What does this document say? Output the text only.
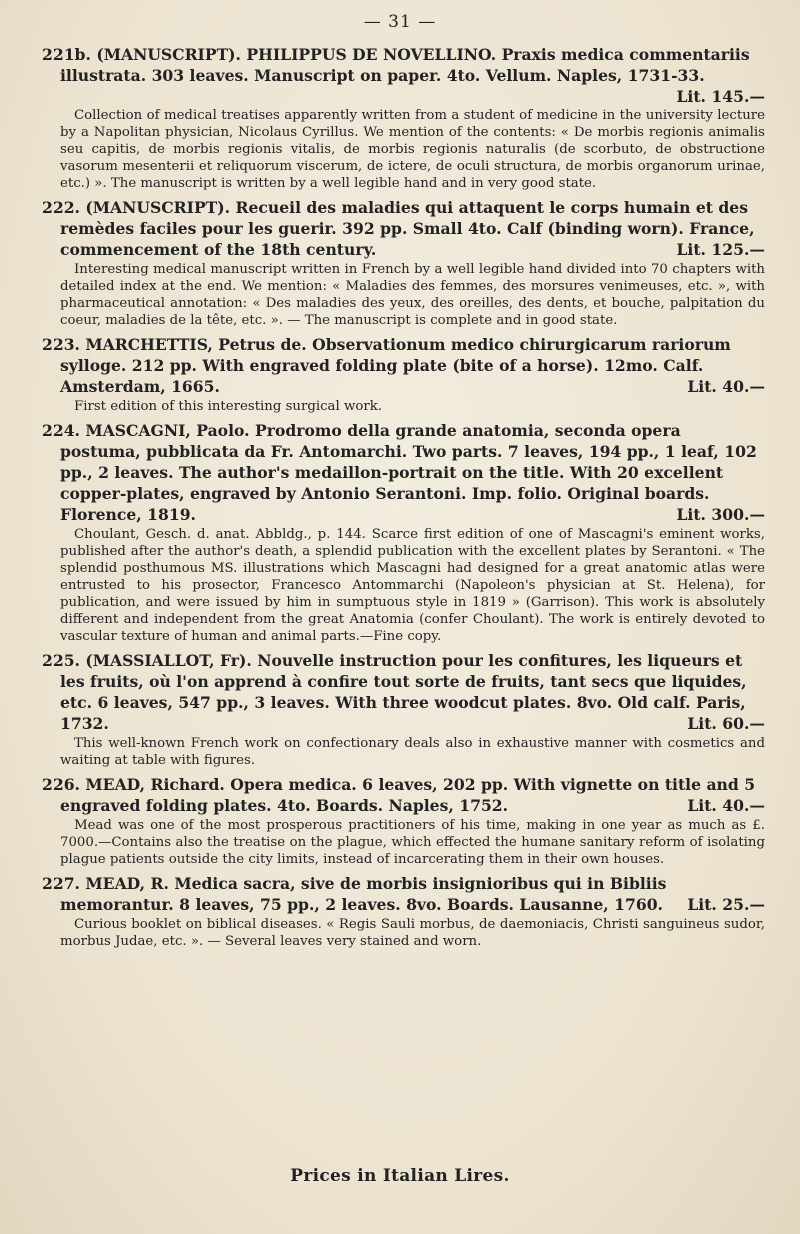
— 31 —

221b. (MANUSCRIPT). PHILIPPUS DE NOVELLINO. Praxis medica commentariis illustrata. 303 leaves. Manuscript on paper. 4to. Vellum. Naples, 1731-33.
Lit. 145.—

Collection of medical treatises apparently written from a student of medicine in the university lecture by a Napolitan physician, Nicolaus Cyrillus. We mention of the contents: « De morbis regionis animalis seu capitis, de morbis regionis vitalis, de morbis regionis naturalis (de scorbuto, de obstructione vasorum mesenterii et reliquorum viscerum, de ictere, de oculi structura, de morbis organorum urinae, etc.) ». The manuscript is written by a well legible hand and in very good state.

222. (MANUSCRIPT). Recueil des maladies qui attaquent le corps humain et des remèdes faciles pour les guerir. 392 pp. Small 4to. Calf (binding worn). France, commencement of the 18th century.	Lit. 125.—

Interesting medical manuscript written in French by a well legible hand divided into 70 chapters with detailed index at the end. We mention: « Maladies des femmes, des morsures venimeuses, etc. », with pharmaceutical annotation: « Des maladies des yeux, des oreilles, des dents, et bouche, palpitation du coeur, maladies de la tête, etc. ». — The manuscript is complete and in good state.

223. MARCHETTIS, Petrus de. Observationum medico chirurgicarum rariorum sylloge. 212 pp. With engraved folding plate (bite of a horse). 12mo. Calf. Amsterdam, 1665.	Lit. 40.—

First edition of this interesting surgical work.

224. MASCAGNI, Paolo. Prodromo della grande anatomia, seconda opera postuma, pubblicata da Fr. Antomarchi. Two parts. 7 leaves, 194 pp., 1 leaf, 102 pp., 2 leaves. The author's medaillon-portrait on the title. With 20 excellent copper-plates, engraved by Antonio Serantoni. Imp. folio. Original boards. Florence, 1819.	Lit. 300.—

Choulant, Gesch. d. anat. Abbldg., p. 144. Scarce first edition of one of Mascagni's eminent works, published after the author's death, a splendid publication with the excellent plates by Serantoni. « The splendid posthumous MS. illustrations which Mascagni had designed for a great anatomic atlas were entrusted to his prosector, Francesco Antommarchi (Napoleon's physician at St. Helena), for publication, and were issued by him in sumptuous style in 1819 » (Garrison). This work is absolutely different and independent from the great Anatomia (confer Choulant). The work is entirely devoted to vascular texture of human and animal parts.—Fine copy.

225. (MASSIALLOT, Fr). Nouvelle instruction pour les confitures, les liqueurs et les fruits, où l'on apprend à confire tout sorte de fruits, tant secs que liquides, etc. 6 leaves, 547 pp., 3 leaves. With three woodcut plates. 8vo. Old calf. Paris, 1732.	Lit. 60.—

This well-known French work on confectionary deals also in exhaustive manner with cosmetics and waiting at table with figures.

226. MEAD, Richard. Opera medica. 6 leaves, 202 pp. With vignette on title and 5 engraved folding plates. 4to. Boards. Naples, 1752.	Lit. 40.—

Mead was one of the most prosperous practitioners of his time, making in one year as much as £. 7000.—Contains also the treatise on the plague, which effected the humane sanitary reform of isolating plague patients outside the city limits, instead of incarcerating them in their own houses.

227. MEAD, R. Medica sacra, sive de morbis insignioribus qui in Bibliis memorantur. 8 leaves, 75 pp., 2 leaves. 8vo. Boards. Lausanne, 1760. Lit. 25.—

Curious booklet on biblical diseases. « Regis Sauli morbus, de daemoniacis, Christi sanguineus sudor, morbus Judae, etc. ». — Several leaves very stained and worn.

Prices in Italian Lires.
